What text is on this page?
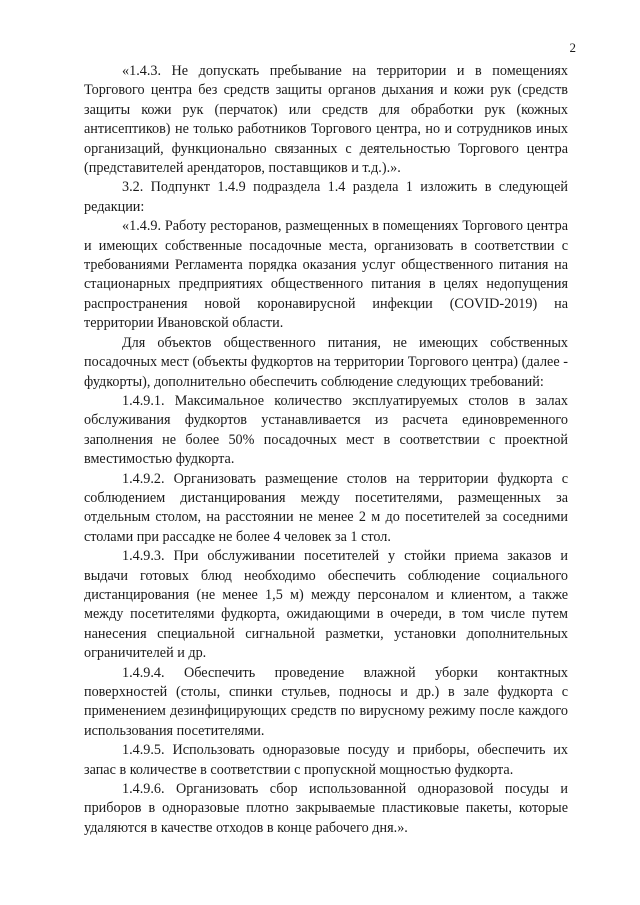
2

«1.4.3. Не допускать пребывание на территории и в помещениях Торгового центра без средств защиты органов дыхания и кожи рук (средств защиты кожи рук (перчаток) или средств для обработки рук (кожных антисептиков) не только работников Торгового центра, но и сотрудников иных организаций, функционально связанных с деятельностью Торгового центра (представителей арендаторов, поставщиков и т.д.).».

3.2. Подпункт 1.4.9 подраздела 1.4 раздела 1 изложить в следующей редакции:

«1.4.9. Работу ресторанов, размещенных в помещениях Торгового центра и имеющих собственные посадочные места, организовать в соответствии с требованиями Регламента порядка оказания услуг общественного питания на стационарных предприятиях общественного питания в целях недопущения распространения новой коронавирусной инфекции (COVID-2019) на территории Ивановской области.

Для объектов общественного питания, не имеющих собственных посадочных мест (объекты фудкортов на территории Торгового центра) (далее - фудкорты), дополнительно обеспечить соблюдение следующих требований:

1.4.9.1. Максимальное количество эксплуатируемых столов в залах обслуживания фудкортов устанавливается из расчета единовременного заполнения не более 50% посадочных мест в соответствии с проектной вместимостью фудкорта.

1.4.9.2. Организовать размещение столов на территории фудкорта с соблюдением дистанцирования между посетителями, размещенных за отдельным столом, на расстоянии не менее 2 м до посетителей за соседними столами при рассадке не более 4 человек за 1 стол.

1.4.9.3. При обслуживании посетителей у стойки приема заказов и выдачи готовых блюд необходимо обеспечить соблюдение социального дистанцирования (не менее 1,5 м) между персоналом и клиентом, а также между посетителями фудкорта, ожидающими в очереди, в том числе путем нанесения специальной сигнальной разметки, установки дополнительных ограничителей и др.

1.4.9.4. Обеспечить проведение влажной уборки контактных поверхностей (столы, спинки стульев, подносы и др.) в зале фудкорта с применением дезинфицирующих средств по вирусному режиму после каждого использования посетителями.

1.4.9.5. Использовать одноразовые посуду и приборы, обеспечить их запас в количестве в соответствии с пропускной мощностью фудкорта.

1.4.9.6. Организовать сбор использованной одноразовой посуды и приборов в одноразовые плотно закрываемые пластиковые пакеты, которые удаляются в качестве отходов в конце рабочего дня.».
